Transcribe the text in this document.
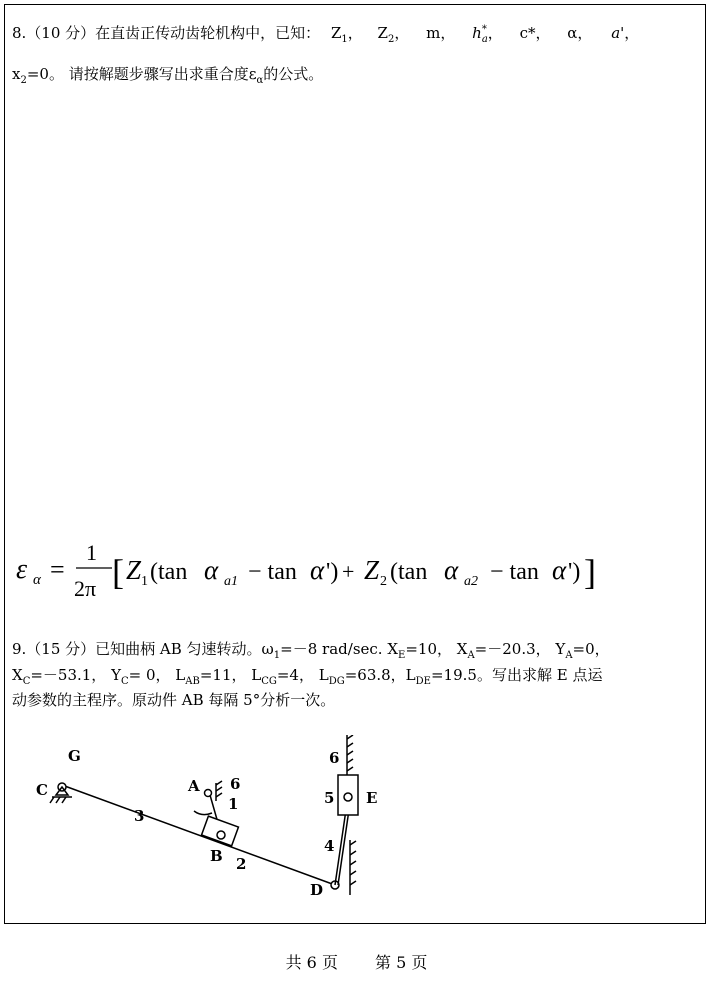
8.（10 分）在直齿正传动齿轮机构中，已知： $Z_1$， $Z_2$， m， $h^*_a$， c*， α， a'，
$x_2=0$。 请按解题步骤写出求重合度$\varepsilon_\alpha$的公式。
ε α =
1
2π [ Z 1 (tan α a1 − tan α ') + Z 2 (tan α a2 − tan α ') ]
9.（15 分）已知曲柄 AB 匀速转动。$\omega_1=-8$ rad/sec. $X_E=10$， $X_A=-20.3$， $Y_A=0$，
$X_C=-53.1$， $Y_C= 0$， $L_{AB}=11$， $L_{CG}=4$， $L_{DG}=63.8$，$L_{DE}=19.5$。写出求解 E 点运
动参数的主程序。原动件 AB 每隔 5°分析一次。
G
C	A 6
1
3
B 2
D
4
5 E
6
共 6 页 第 5 页
